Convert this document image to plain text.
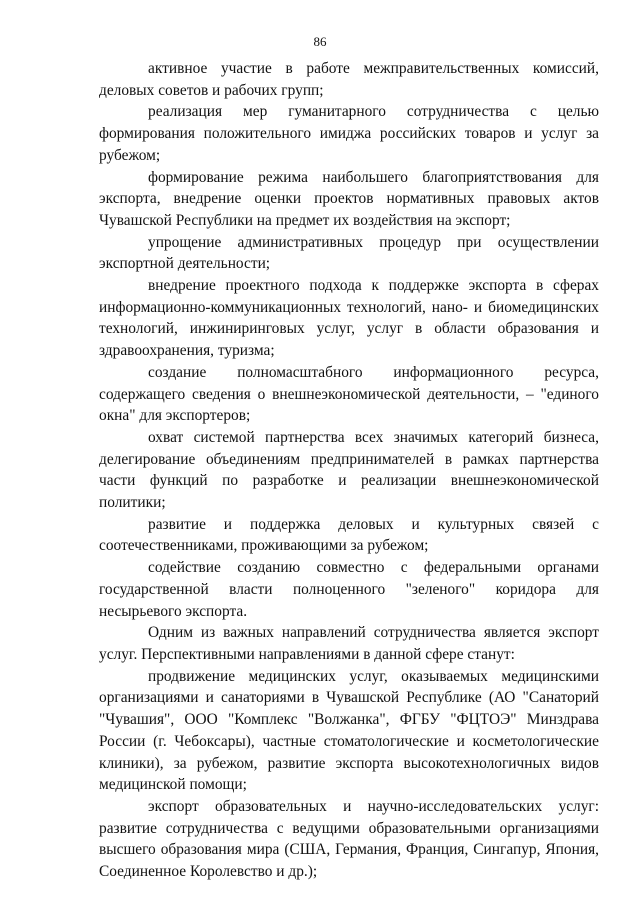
86

активное участие в работе межправительственных комиссий, деловых советов и рабочих групп;

реализация мер гуманитарного сотрудничества с целью формирования положительного имиджа российских товаров и услуг за рубежом;

формирование режима наибольшего благоприятствования для экспорта, внедрение оценки проектов нормативных правовых актов Чувашской Республики на предмет их воздействия на экспорт;

упрощение административных процедур при осуществлении экспортной деятельности;

внедрение проектного подхода к поддержке экспорта в сферах информационно-коммуникационных технологий, нано- и биомедицинских технологий, инжиниринговых услуг, услуг в области образования и здравоохранения, туризма;

создание полномасштабного информационного ресурса, содержащего сведения о внешнеэкономической деятельности, – "единого окна" для экспортеров;

охват системой партнерства всех значимых категорий бизнеса, делегирование объединениям предпринимателей в рамках партнерства части функций по разработке и реализации внешнеэкономической политики;

развитие и поддержка деловых и культурных связей с соотечественниками, проживающими за рубежом;

содействие созданию совместно с федеральными органами государственной власти полноценного "зеленого" коридора для несырьевого экспорта.

Одним из важных направлений сотрудничества является экспорт услуг. Перспективными направлениями в данной сфере станут:

продвижение медицинских услуг, оказываемых медицинскими организациями и санаториями в Чувашской Республике (АО "Санаторий "Чувашия", ООО "Комплекс "Волжанка", ФГБУ "ФЦТОЭ" Минздрава России (г. Чебоксары), частные стоматологические и косметологические клиники), за рубежом, развитие экспорта высокотехнологичных видов медицинской помощи;

экспорт образовательных и научно-исследовательских услуг: развитие сотрудничества с ведущими образовательными организациями высшего образования мира (США, Германия, Франция, Сингапур, Япония, Соединенное Королевство и др.);
